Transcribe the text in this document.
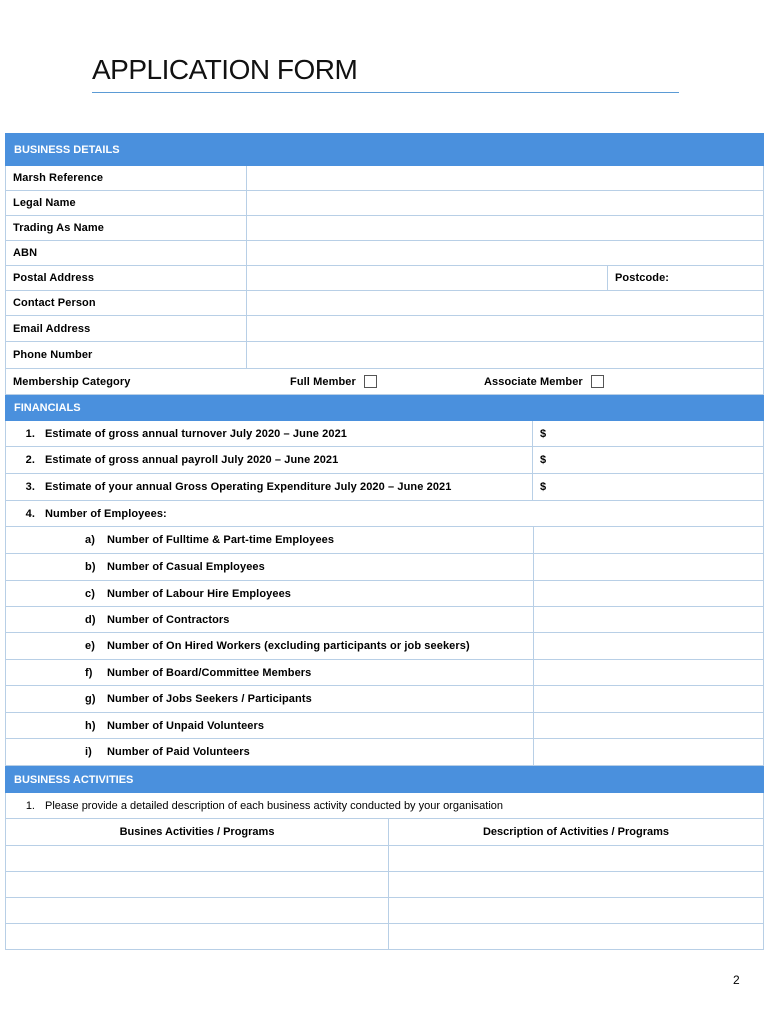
APPLICATION FORM
BUSINESS DETAILS
Marsh Reference
Legal Name
Trading As Name
ABN
Postal Address	Postcode:
Contact Person
Email Address
Phone Number
Membership Category	Full Member	Associate Member
FINANCIALS
1. Estimate of gross annual turnover July 2020 – June 2021	$
2. Estimate of gross annual payroll July 2020 – June 2021	$
3. Estimate of your annual Gross Operating Expenditure July 2020 – June 2021	$
4. Number of Employees:
a)	Number of Fulltime & Part-time Employees
b)	Number of Casual Employees
c)	Number of Labour Hire Employees
d)	Number of Contractors
e)	Number of On Hired Workers (excluding participants or job seekers)
f)	Number of Board/Committee Members
g)	Number of Jobs Seekers / Participants
h)	Number of Unpaid Volunteers
i)	Number of Paid Volunteers
BUSINESS ACTIVITIES
1. Please provide a detailed description of each business activity conducted by your organisation
Busines Activities / Programs	Description of Activities / Programs
2
